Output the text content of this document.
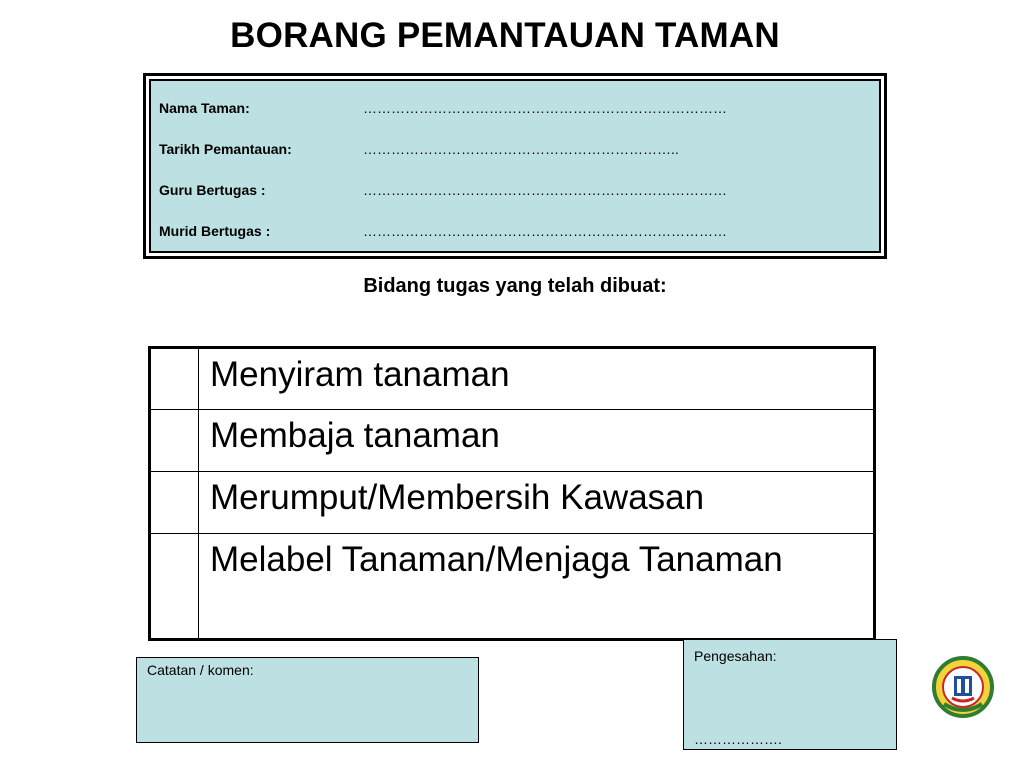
BORANG PEMANTAUAN TAMAN
Nama Taman:	……………………………………………………………………
Tarikh Pemantauan:	…………………………………………………………..
Guru Bertugas :	……………………………………………………………………
Murid Bertugas :	……………………………………………………………………
Bidang tugas yang telah dibuat:
	Menyiram tanaman
	Membaja tanaman
	Merumput/Membersih Kawasan
	Melabel Tanaman/Menjaga Tanaman
Catatan / komen:
Pengesahan:
……………….
